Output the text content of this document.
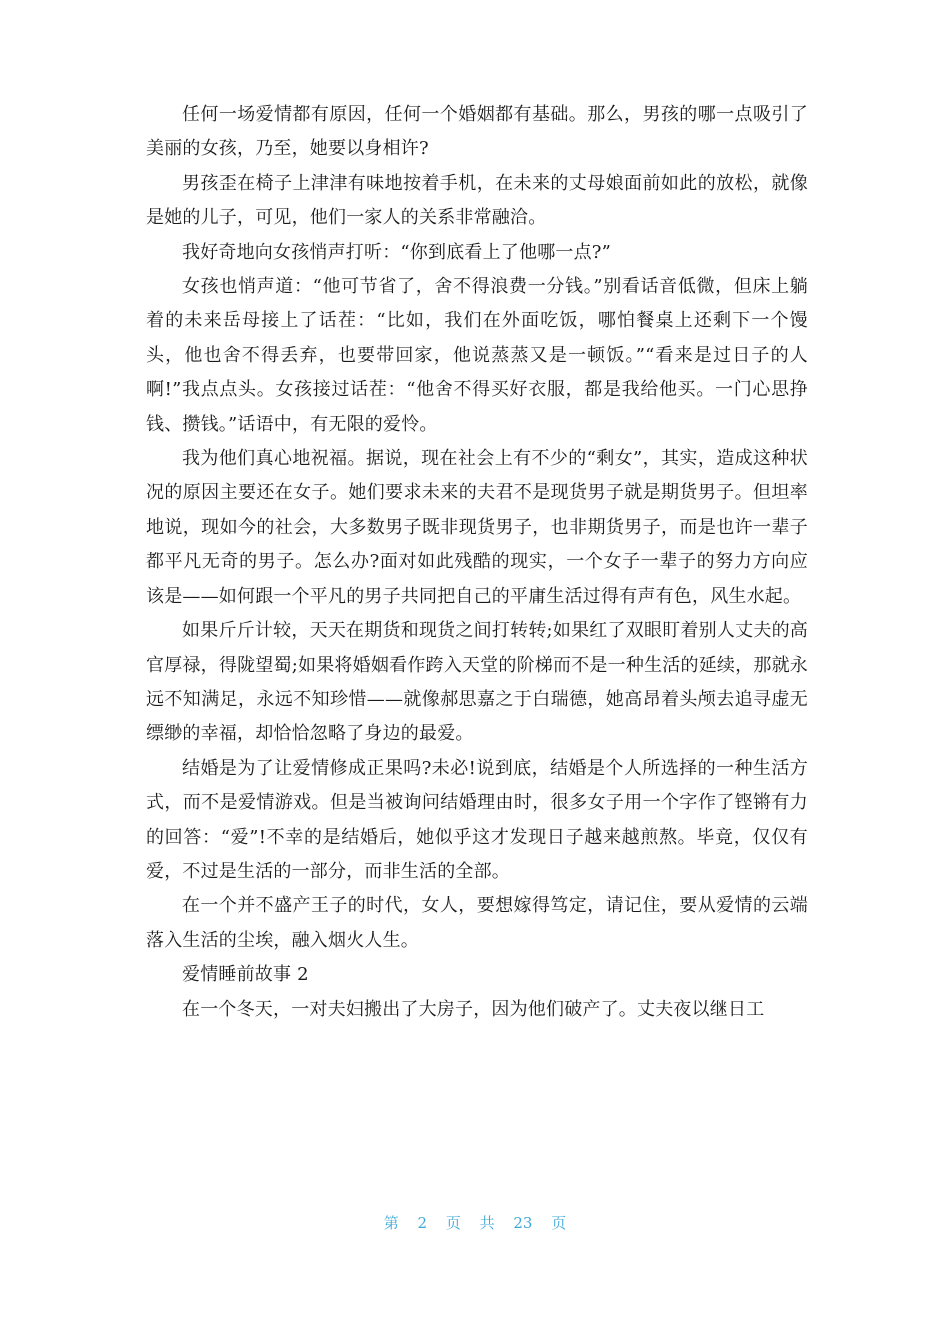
任何一场爱情都有原因，任何一个婚姻都有基础。那么，男孩的哪一点吸引了美丽的女孩，乃至，她要以身相许?

男孩歪在椅子上津津有味地按着手机，在未来的丈母娘面前如此的放松，就像是她的儿子，可见，他们一家人的关系非常融洽。

我好奇地向女孩悄声打听：“你到底看上了他哪一点?”

女孩也悄声道：“他可节省了，舍不得浪费一分钱。”别看话音低微，但床上躺着的未来岳母接上了话茬：“比如，我们在外面吃饭，哪怕餐桌上还剩下一个馒头，他也舍不得丢弃，也要带回家，他说蒸蒸又是一顿饭。”“看来是过日子的人啊!”我点点头。女孩接过话茬：“他舍不得买好衣服，都是我给他买。一门心思挣钱、攒钱。”话语中，有无限的爱怜。

我为他们真心地祝福。据说，现在社会上有不少的“剩女”，其实，造成这种状况的原因主要还在女子。她们要求未来的夫君不是现货男子就是期货男子。但坦率地说，现如今的社会，大多数男子既非现货男子，也非期货男子，而是也许一辈子都平凡无奇的男子。怎么办?面对如此残酷的现实，一个女子一辈子的努力方向应该是——如何跟一个平凡的男子共同把自己的平庸生活过得有声有色，风生水起。

如果斤斤计较，天天在期货和现货之间打转转;如果红了双眼盯着别人丈夫的高官厚禄，得陇望蜀;如果将婚姻看作跨入天堂的阶梯而不是一种生活的延续，那就永远不知满足，永远不知珍惜——就像郝思嘉之于白瑞德，她高昂着头颅去追寻虚无缥缈的幸福，却恰恰忽略了身边的最爱。

结婚是为了让爱情修成正果吗?未必!说到底，结婚是个人所选择的一种生活方式，而不是爱情游戏。但是当被询问结婚理由时，很多女子用一个字作了铿锵有力的回答：“爱”!不幸的是结婚后，她似乎这才发现日子越来越煎熬。毕竟，仅仅有爱，不过是生活的一部分，而非生活的全部。

在一个并不盛产王子的时代，女人，要想嫁得笃定，请记住，要从爱情的云端落入生活的尘埃，融入烟火人生。

爱情睡前故事 2

在一个冬天，一对夫妇搬出了大房子，因为他们破产了。丈夫夜以继日工

第 2 页 共 23 页
